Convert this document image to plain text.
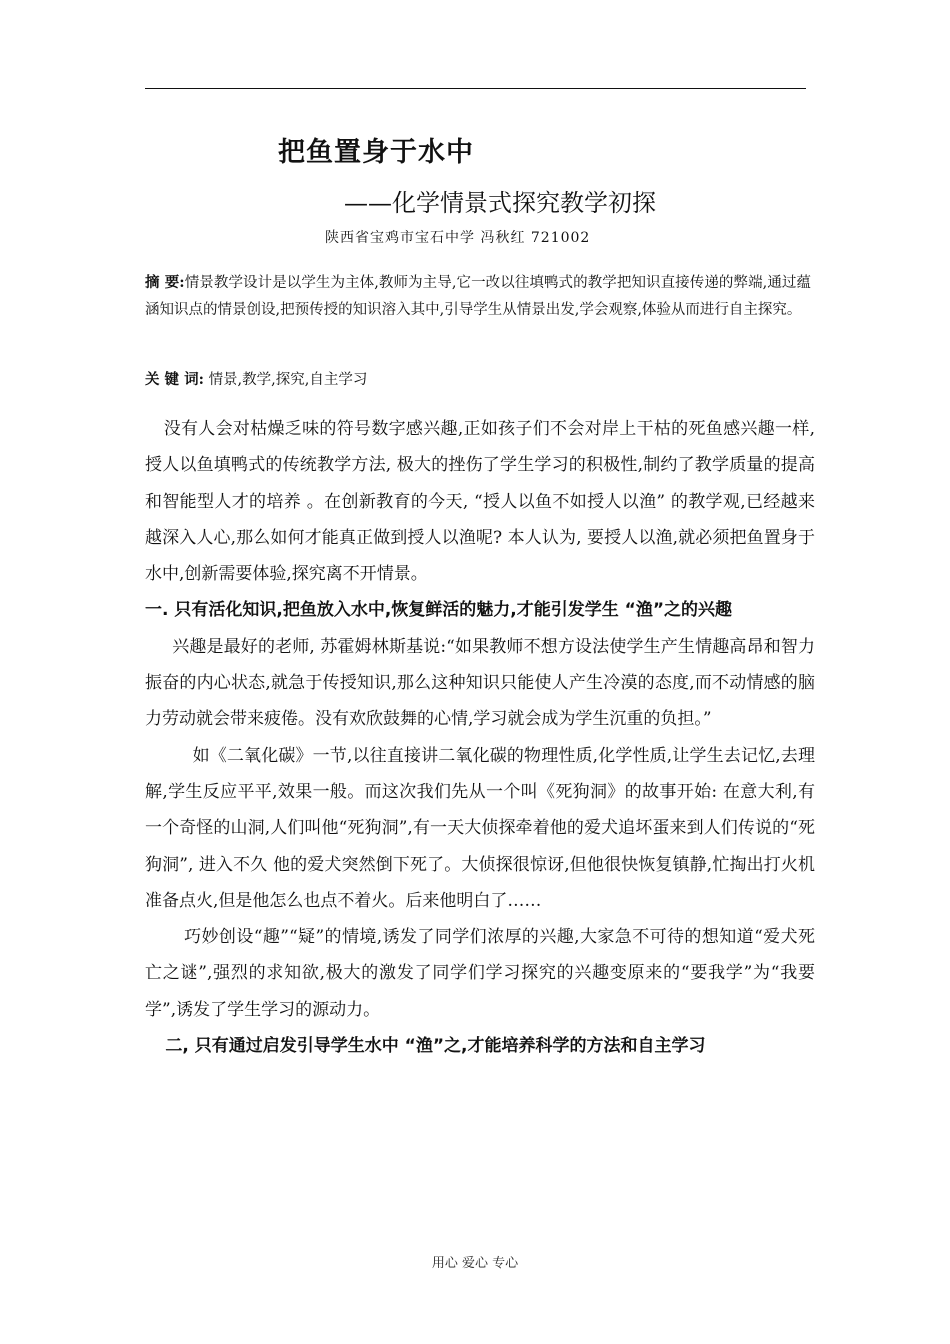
把鱼置身于水中
——化学情景式探究教学初探
陕西省宝鸡市宝石中学 冯秋红 721002
摘 要:情景教学设计是以学生为主体,教师为主导,它一改以往填鸭式的教学把知识直接传递的弊端,通过蕴涵知识点的情景创设,把预传授的知识溶入其中,引导学生从情景出发,学会观察,体验从而进行自主探究。
关 键 词: 情景,教学,探究,自主学习

没有人会对枯燥乏味的符号数字感兴趣,正如孩子们不会对岸上干枯的死鱼感兴趣一样,授人以鱼填鸭式的传统教学方法, 极大的挫伤了学生学习的积极性,制约了教学质量的提高和智能型人才的培养 。在创新教育的今天, “授人以鱼不如授人以渔” 的教学观,已经越来越深入人心,那么如何才能真正做到授人以渔呢? 本人认为, 要授人以渔,就必须把鱼置身于水中,创新需要体验,探究离不开情景。

一. 只有活化知识,把鱼放入水中,恢复鲜活的魅力,才能引发学生 “渔”之的兴趣

兴趣是最好的老师, 苏霍姆林斯基说:“如果教师不想方设法使学生产生情趣高昂和智力振奋的内心状态,就急于传授知识,那么这种知识只能使人产生冷漠的态度,而不动情感的脑力劳动就会带来疲倦。没有欢欣鼓舞的心情,学习就会成为学生沉重的负担。”

如《二氧化碳》一节,以往直接讲二氧化碳的物理性质,化学性质,让学生去记忆,去理解,学生反应平平,效果一般。而这次我们先从一个叫《死狗洞》的故事开始: 在意大利,有一个奇怪的山洞,人们叫他“死狗洞”,有一天大侦探牵着他的爱犬追坏蛋来到人们传说的“死狗洞”, 进入不久 他的爱犬突然倒下死了。大侦探很惊讶,但他很快恢复镇静,忙掏出打火机准备点火,但是他怎么也点不着火。后来他明白了……

巧妙创设“趣”“疑”的情境,诱发了同学们浓厚的兴趣,大家急不可待的想知道“爱犬死亡之谜”,强烈的求知欲,极大的激发了同学们学习探究的兴趣变原来的“要我学”为“我要学”,诱发了学生学习的源动力。

二, 只有通过启发引导学生水中 “渔”之,才能培养科学的方法和自主学习
用心 爱心 专心
